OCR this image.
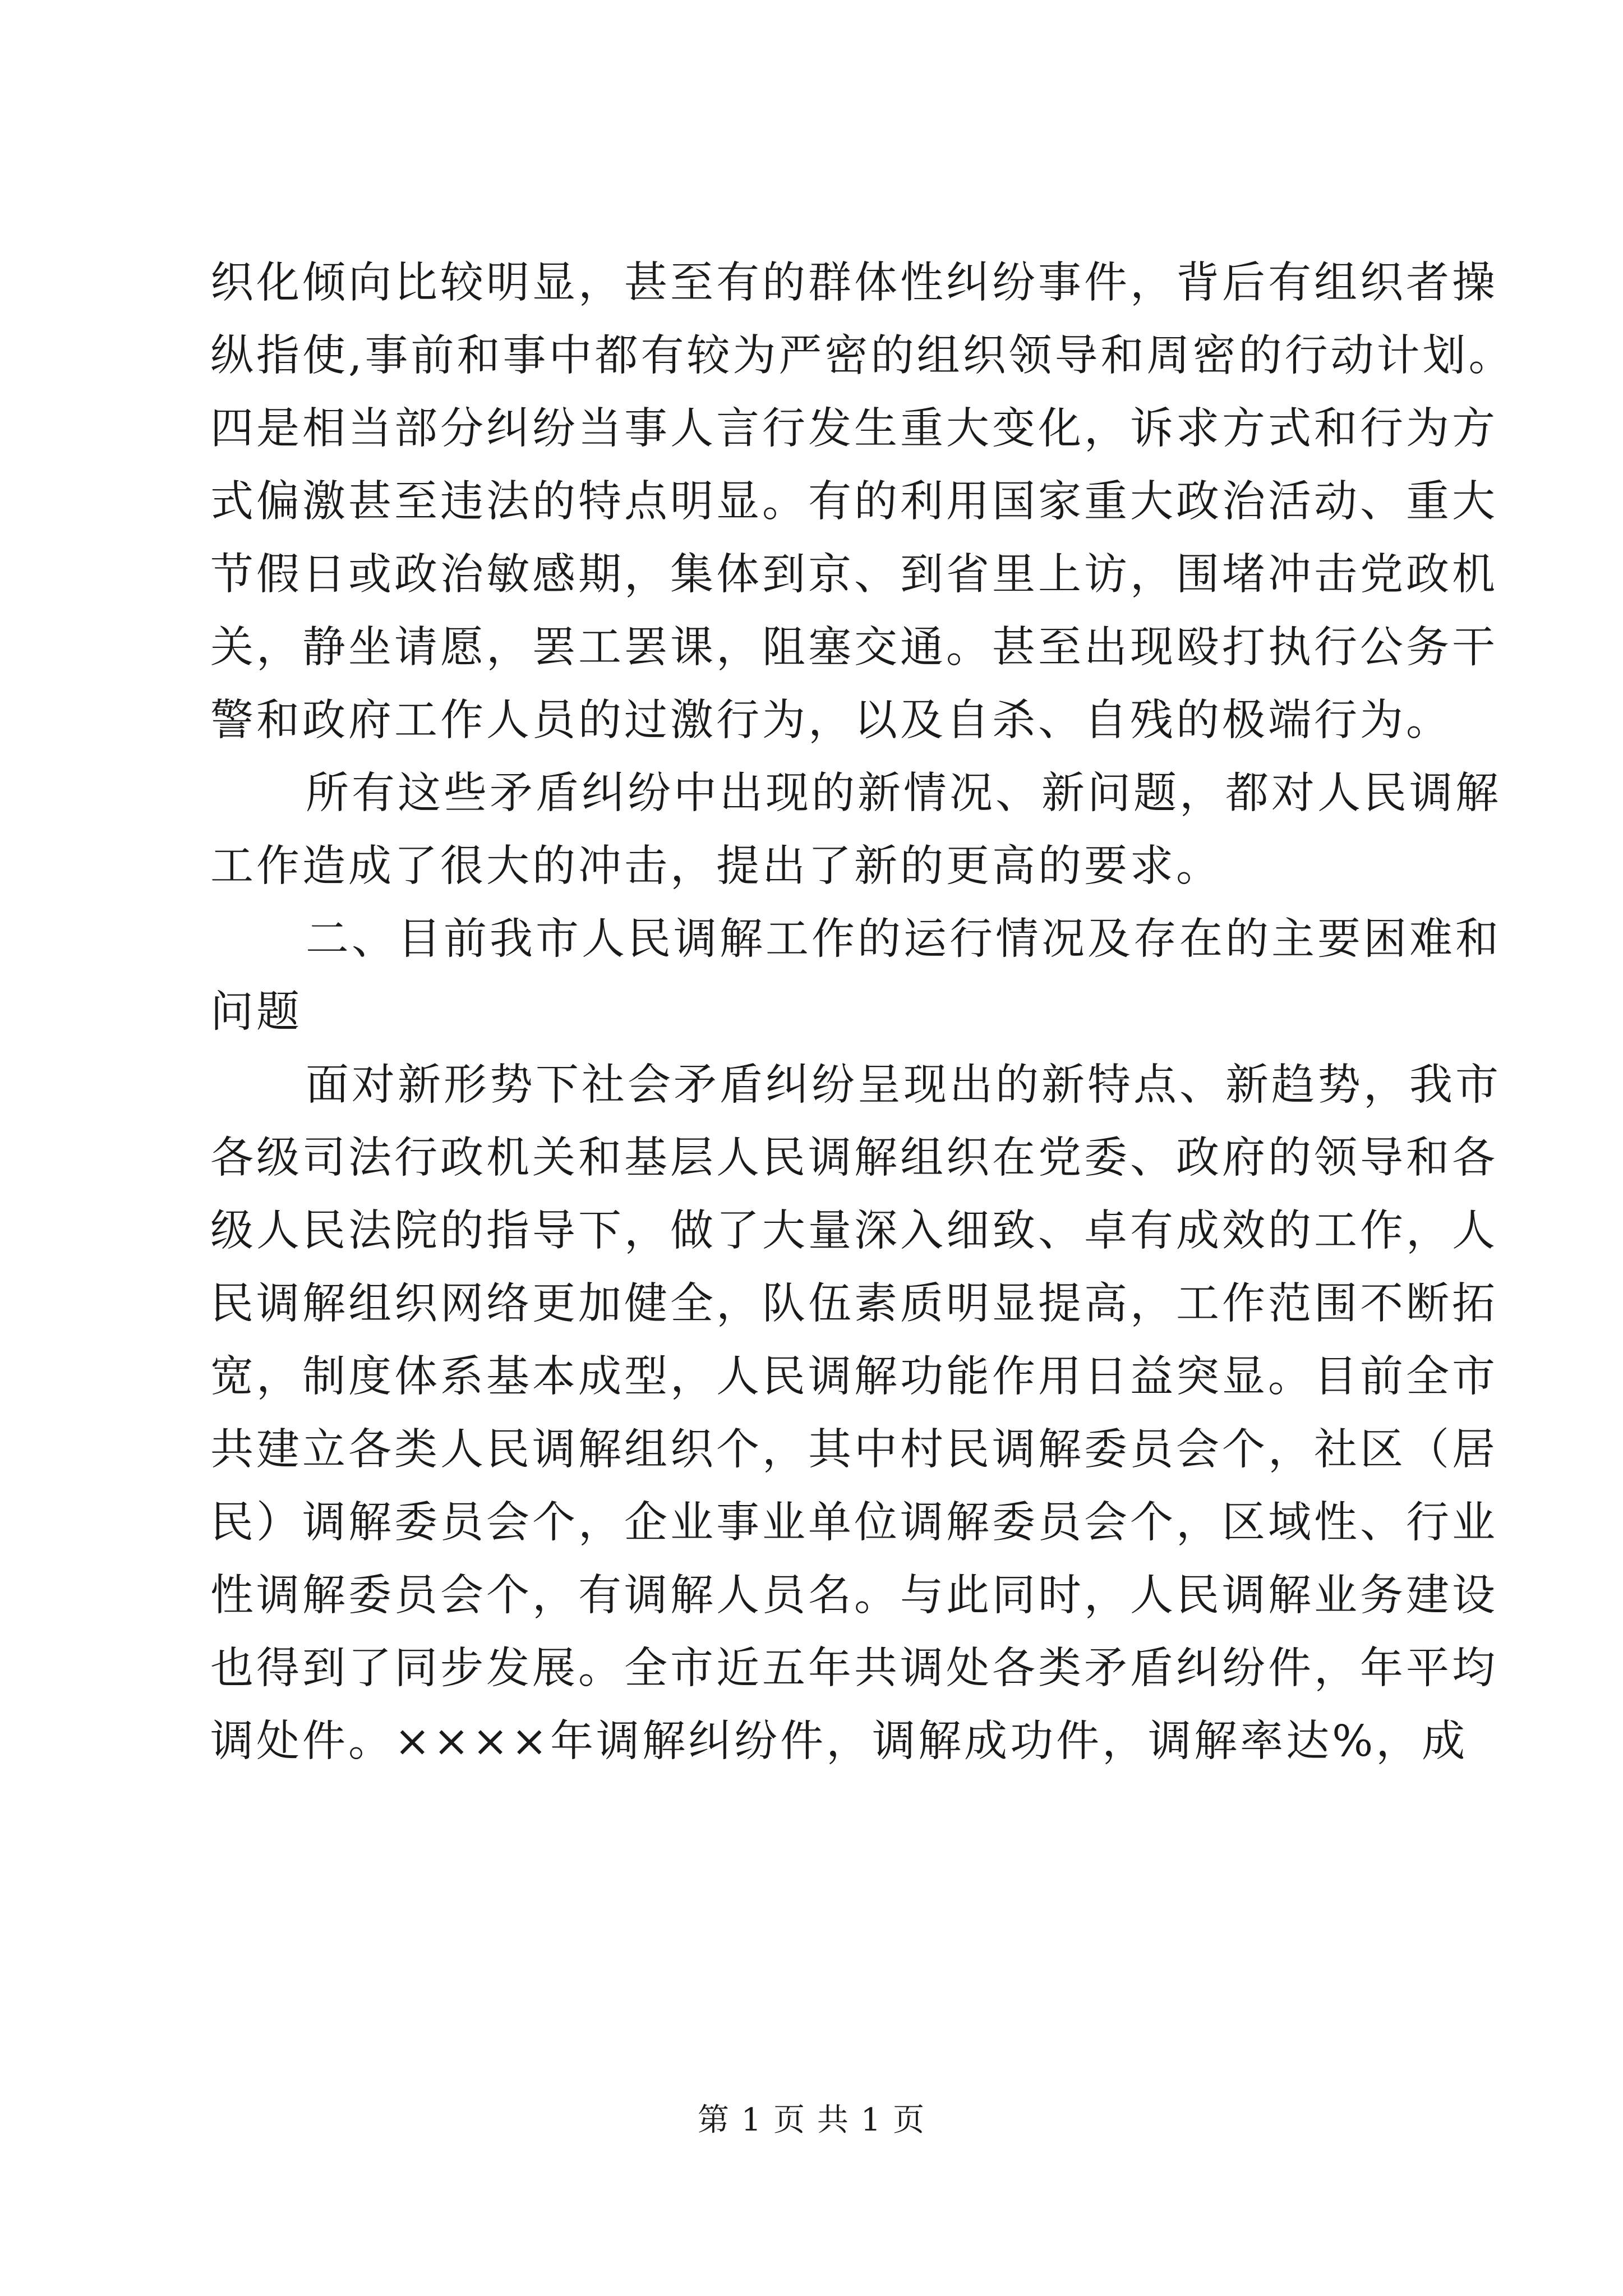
织化倾向比较明显，甚至有的群体性纠纷事件，背后有组织者操
纵指使,事前和事中都有较为严密的组织领导和周密的行动计划。
四是相当部分纠纷当事人言行发生重大变化，诉求方式和行为方
式偏激甚至违法的特点明显。有的利用国家重大政治活动、重大
节假日或政治敏感期，集体到京、到省里上访，围堵冲击党政机
关，静坐请愿，罢工罢课，阻塞交通。甚至出现殴打执行公务干
警和政府工作人员的过激行为，以及自杀、自残的极端行为。
所有这些矛盾纠纷中出现的新情况、新问题，都对人民调解
工作造成了很大的冲击，提出了新的更高的要求。
二、目前我市人民调解工作的运行情况及存在的主要困难和
问题
面对新形势下社会矛盾纠纷呈现出的新特点、新趋势，我市
各级司法行政机关和基层人民调解组织在党委、政府的领导和各
级人民法院的指导下，做了大量深入细致、卓有成效的工作，人
民调解组织网络更加健全，队伍素质明显提高，工作范围不断拓
宽，制度体系基本成型，人民调解功能作用日益突显。目前全市
共建立各类人民调解组织个，其中村民调解委员会个，社区（居
民）调解委员会个，企业事业单位调解委员会个，区域性、行业
性调解委员会个，有调解人员名。与此同时，人民调解业务建设
也得到了同步发展。全市近五年共调处各类矛盾纠纷件，年平均
调处件。××××年调解纠纷件，调解成功件，调解率达%，成
第 1 页 共 1 页
